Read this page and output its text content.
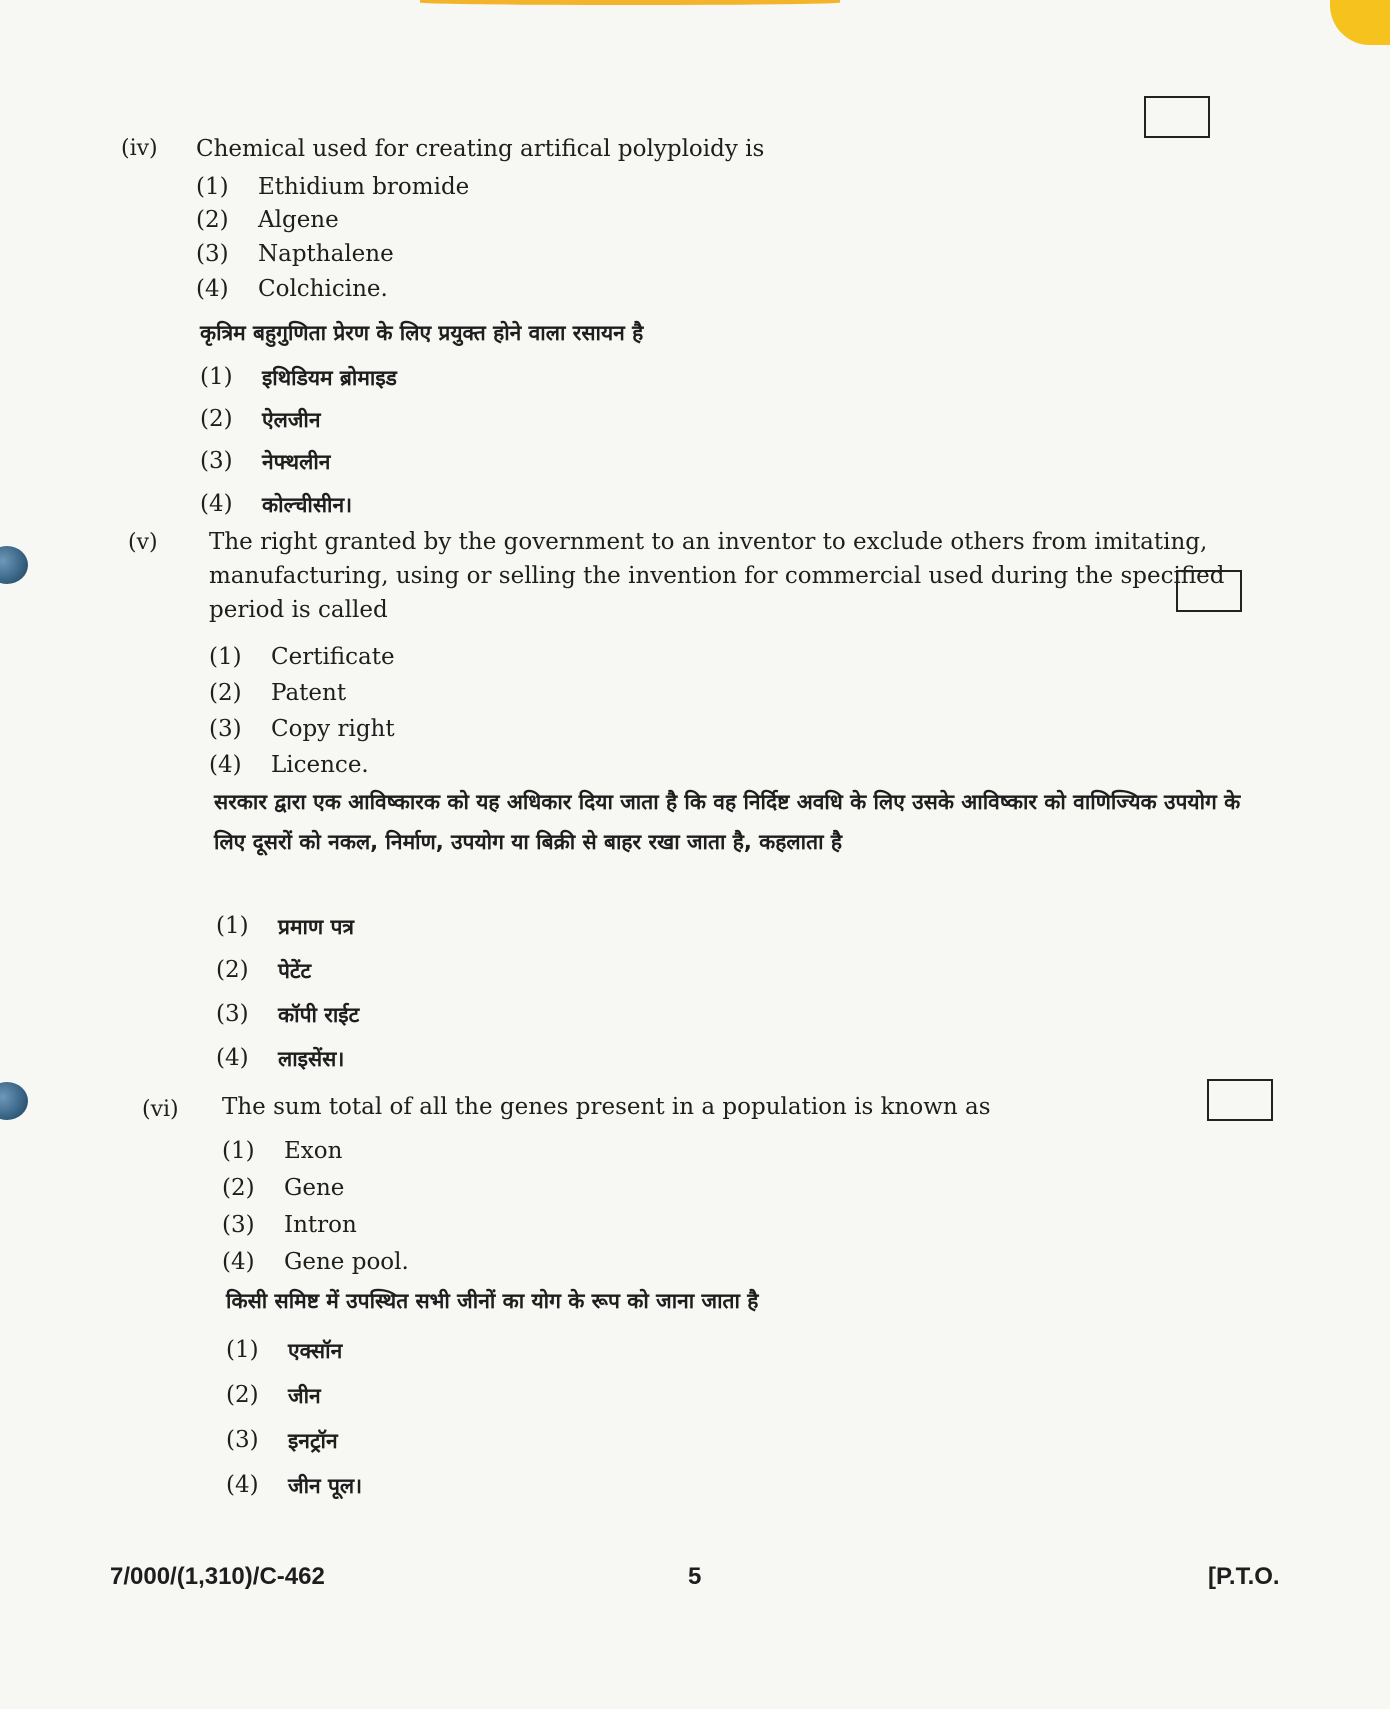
(iv) Chemical used for creating artifical polyploidy is
(1)	Ethidium bromide
(2)	Algene
(3)	Napthalene
(4)	Colchicine.
कृत्रिम बहुगुणिता प्रेरण के लिए प्रयुक्त होने वाला रसायन है
(1)	इथिडियम ब्रोमाइड
(2)	ऐलजीन
(3)	नेफ्थलीन
(4)	कोल्चीसीन।
(v) The right granted by the government to an inventor to exclude others from imitating, manufacturing, using or selling the invention for commercial used during the specified period is called
(1)	Certificate
(2)	Patent
(3)	Copy right
(4)	Licence.
सरकार द्वारा एक आविष्कारक को यह अधिकार दिया जाता है कि वह निर्दिष्ट अवधि के लिए उसके आविष्कार को वाणिज्यिक उपयोग के लिए दूसरों को नकल, निर्माण, उपयोग या बिक्री से बाहर रखा जाता है, कहलाता है
(1)	प्रमाण पत्र
(2)	पेटेंट
(3)	कॉपी राईट
(4)	लाइसेंस।
(vi) The sum total of all the genes present in a population is known as
(1)	Exon
(2)	Gene
(3)	Intron
(4)	Gene pool.
किसी समिष्ट में उपस्थित सभी जीनों का योग के रूप को जाना जाता है
(1)	एक्सॉन
(2)	जीन
(3)	इनट्रॉन
(4)	जीन पूल।
7/000/(1,310)/C-462	5	[P.T.O.
